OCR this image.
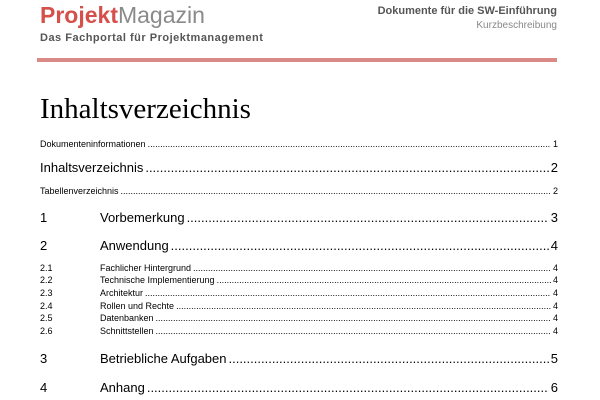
ProjektMagazin
Das Fachportal für Projektmanagement
Dokumente für die SW-Einführung
Kurzbeschreibung
Inhaltsverzeichnis
Dokumenteninformationen .....	1
Inhaltsverzeichnis .....	2
Tabellenverzeichnis .....	2
1	Vorbemerkung .....	3
2	Anwendung .....	4
2.1	Fachlicher Hintergrund .....	4
2.2	Technische Implementierung .....	4
2.3	Architektur .....	4
2.4	Rollen und Rechte .....	4
2.5	Datenbanken .....	4
2.6	Schnittstellen .....	4
3	Betriebliche Aufgaben .....	5
4	Anhang .....	6
